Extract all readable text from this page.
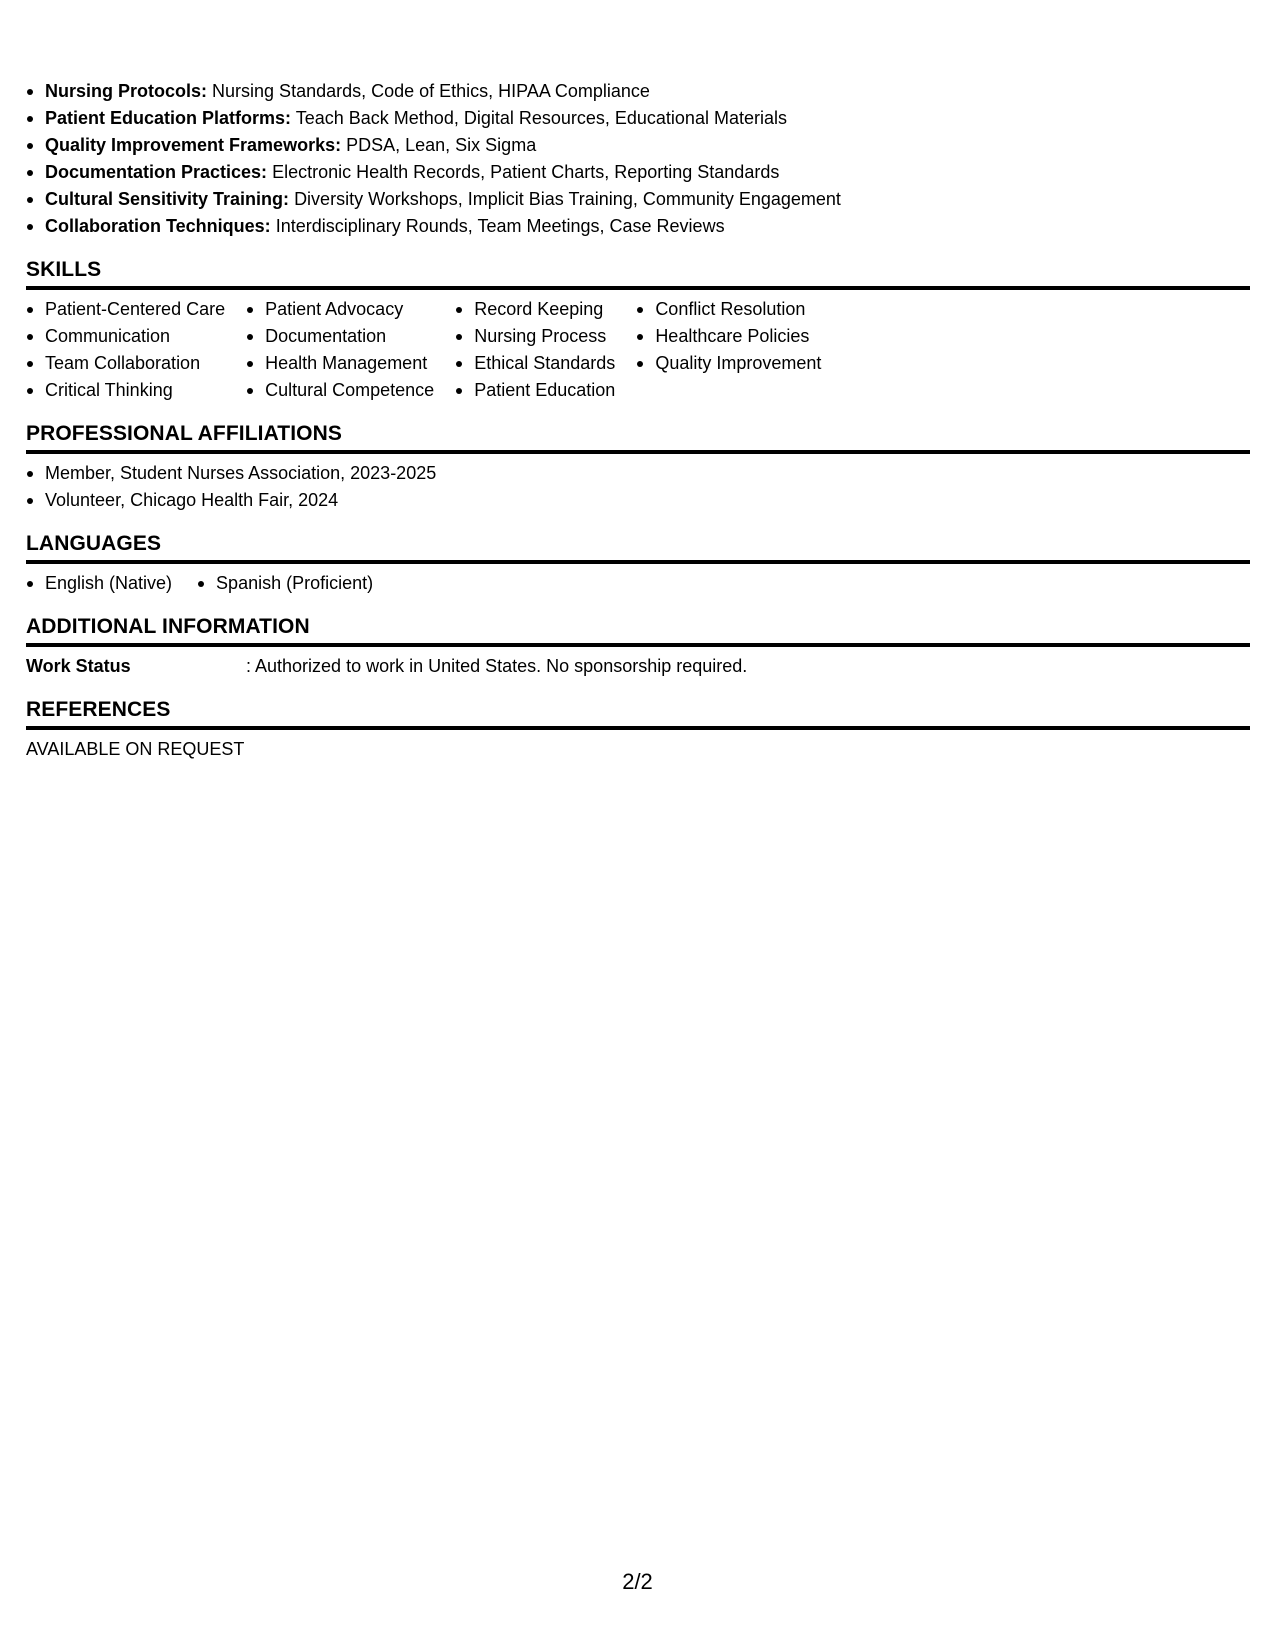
Nursing Protocols: Nursing Standards, Code of Ethics, HIPAA Compliance
Patient Education Platforms: Teach Back Method, Digital Resources, Educational Materials
Quality Improvement Frameworks: PDSA, Lean, Six Sigma
Documentation Practices: Electronic Health Records, Patient Charts, Reporting Standards
Cultural Sensitivity Training: Diversity Workshops, Implicit Bias Training, Community Engagement
Collaboration Techniques: Interdisciplinary Rounds, Team Meetings, Case Reviews
SKILLS
Patient-Centered Care
Communication
Team Collaboration
Critical Thinking
Patient Advocacy
Documentation
Health Management
Cultural Competence
Record Keeping
Nursing Process
Ethical Standards
Patient Education
Conflict Resolution
Healthcare Policies
Quality Improvement
PROFESSIONAL AFFILIATIONS
Member, Student Nurses Association, 2023-2025
Volunteer, Chicago Health Fair, 2024
LANGUAGES
English (Native)	Spanish (Proficient)
ADDITIONAL INFORMATION
Work Status	: Authorized to work in United States. No sponsorship required.
REFERENCES
AVAILABLE ON REQUEST
2/2
